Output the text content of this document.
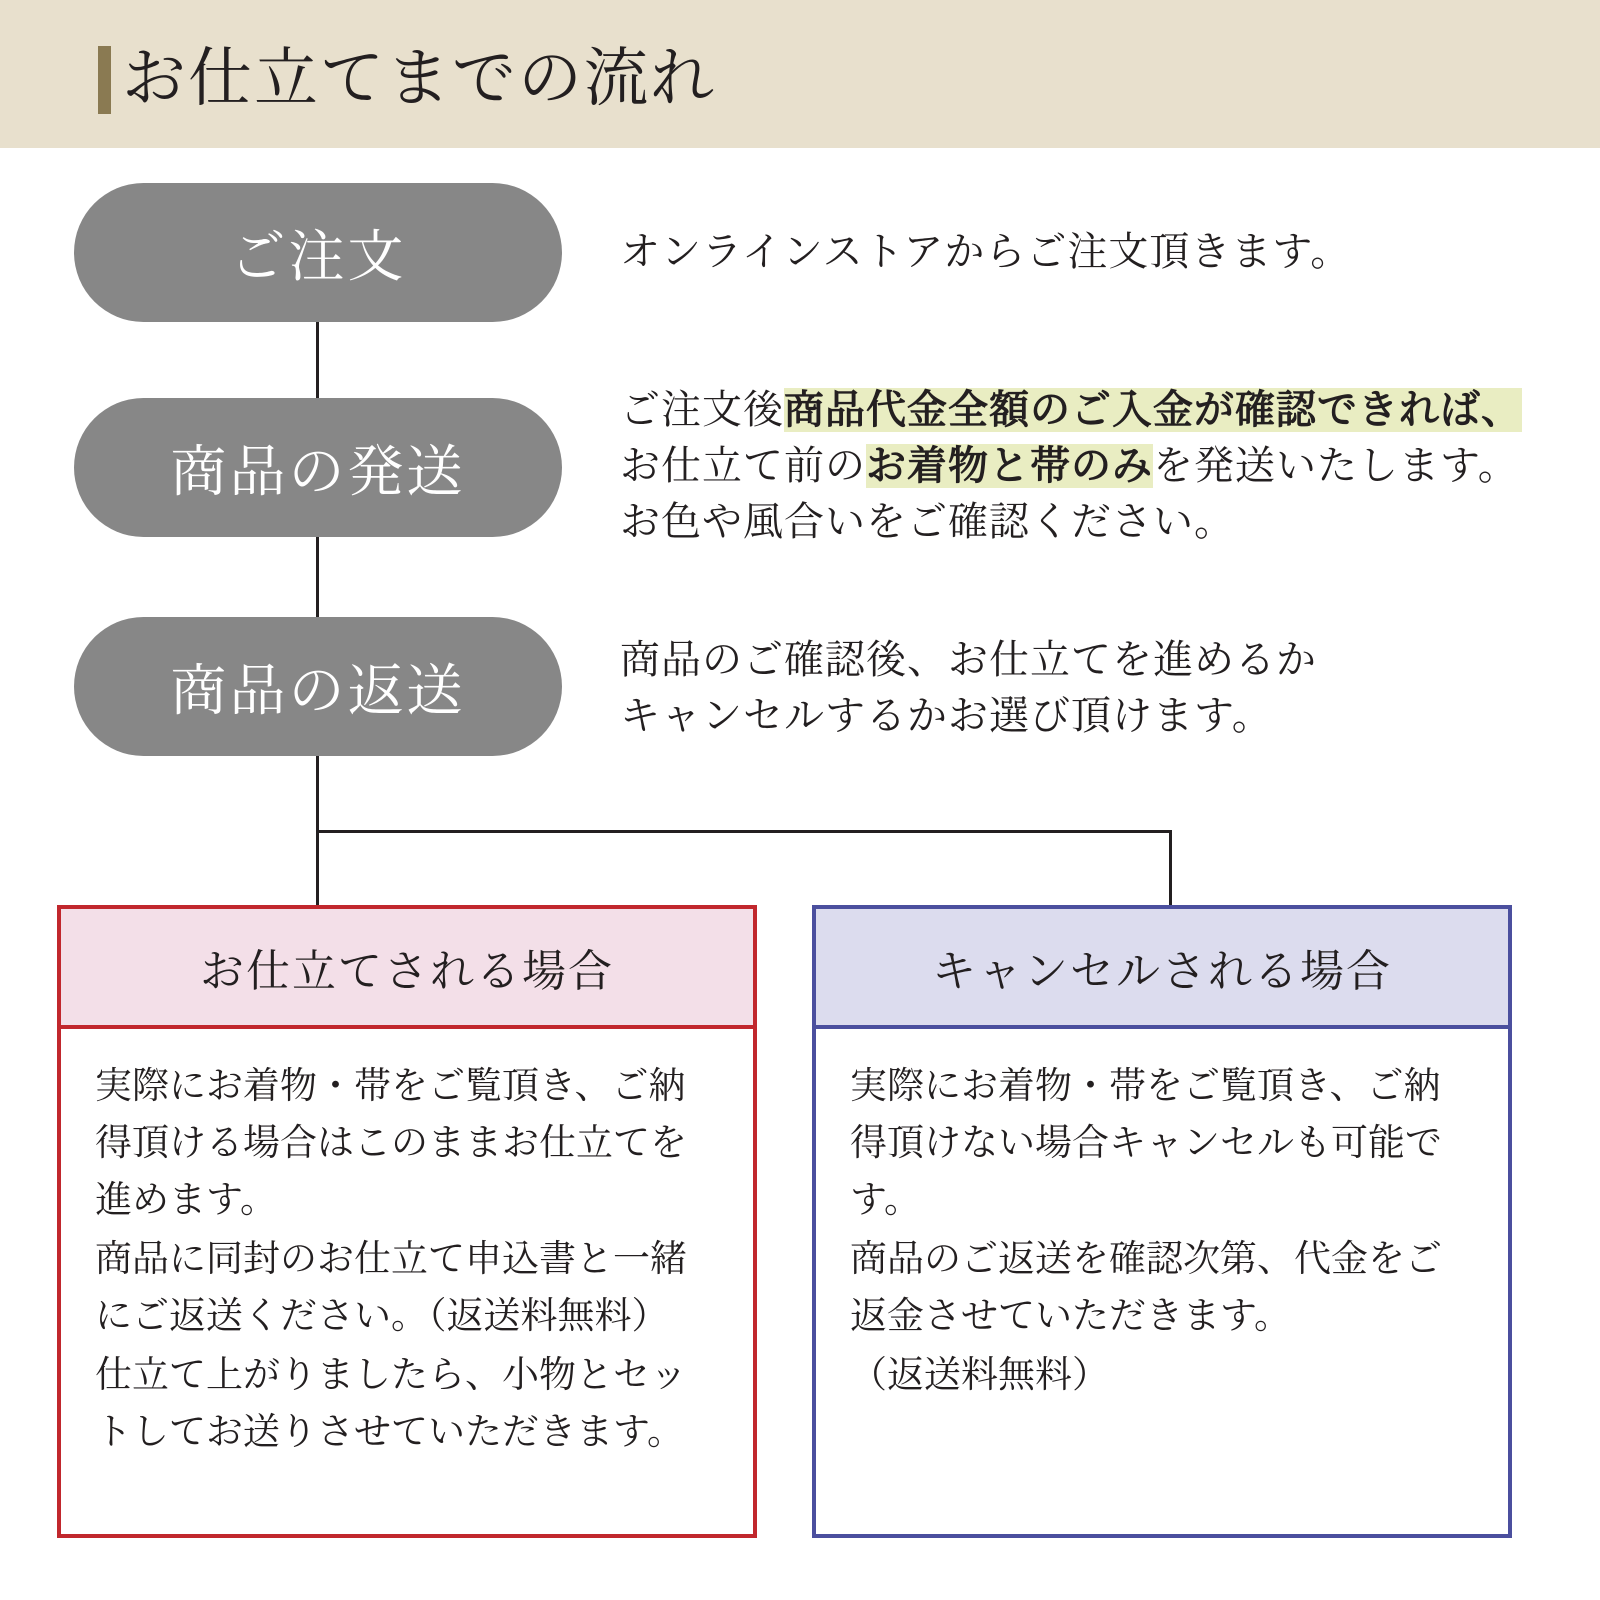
お仕立てまでの流れ
ご注文	オンラインストアからご注文頂きます。
商品の発送
ご注文後商品代金全額のご入金が確認できれば、
お仕立て前のお着物と帯のみを発送いたします。
お色や風合いをご確認ください。
商品の返送	商品のご確認後、お仕立てを進めるか
キャンセルするかお選び頂けます。
お仕立てされる場合

実際にお着物・帯をご覧頂き、ご納得頂ける場合はこのままお仕立てを進めます。

商品に同封のお仕立て申込書と一緒にご返送ください。（返送料無料）

仕立て上がりましたら、小物とセットしてお送りさせていただきます。

キャンセルされる場合

実際にお着物・帯をご覧頂き、ご納得頂けない場合キャンセルも可能です。

商品のご返送を確認次第、代金をご返金させていただきます。

（返送料無料）
